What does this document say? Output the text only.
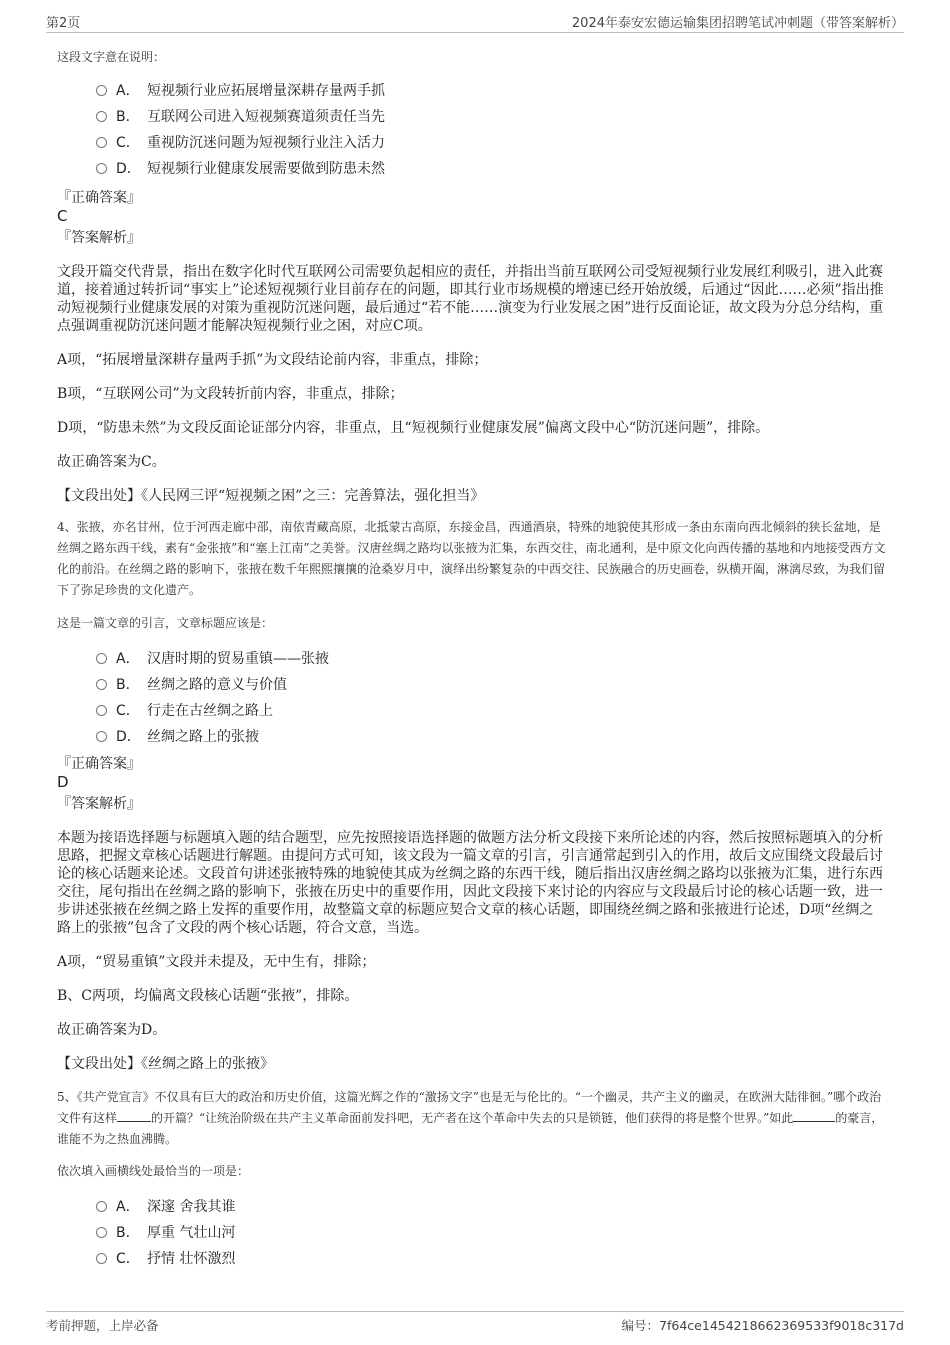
第2页	2024年泰安宏德运输集团招聘笔试冲刺题（带答案解析）
这段文字意在说明：
A． 短视频行业应拓展增量深耕存量两手抓
B． 互联网公司进入短视频赛道须责任当先
C． 重视防沉迷问题为短视频行业注入活力
D． 短视频行业健康发展需要做到防患未然
『正确答案』
C
『答案解析』
文段开篇交代背景，指出在数字化时代互联网公司需要负起相应的责任，并指出当前互联网公司受短视频行业发展红利吸引，进入此赛道，接着通过转折词“事实上”论述短视频行业目前存在的问题，即其行业市场规模的增速已经开始放缓，后通过“因此……必须”指出推动短视频行业健康发展的对策为重视防沉迷问题，最后通过“若不能……演变为行业发展之困”进行反面论证，故文段为分总分结构，重点强调重视防沉迷问题才能解决短视频行业之困，对应C项。
A项，“拓展增量深耕存量两手抓”为文段结论前内容，非重点，排除；
B项，“互联网公司”为文段转折前内容，非重点，排除；
D项，“防患未然”为文段反面论证部分内容，非重点，且“短视频行业健康发展”偏离文段中心“防沉迷问题”，排除。
故正确答案为C。
【文段出处】《人民网三评“短视频之困”之三：完善算法，强化担当》
4、张掖，亦名甘州，位于河西走廊中部，南依青藏高原，北抵蒙古高原，东接金昌，西通酒泉，特殊的地貌使其形成一条由东南向西北倾斜的狭长盆地，是丝绸之路东西干线，素有“金张掖”和“塞上江南”之美誉。汉唐丝绸之路均以张掖为汇集，东西交往，南北通利，是中原文化向西传播的基地和内地接受西方文化的前沿。在丝绸之路的影响下，张掖在数千年熙熙攘攘的沧桑岁月中，演绎出纷繁复杂的中西交往、民族融合的历史画卷，纵横开阖，淋漓尽致，为我们留下了弥足珍贵的文化遗产。
这是一篇文章的引言，文章标题应该是：
A． 汉唐时期的贸易重镇——张掖
B． 丝绸之路的意义与价值
C． 行走在古丝绸之路上
D． 丝绸之路上的张掖
『正确答案』
D
『答案解析』
本题为接语选择题与标题填入题的结合题型，应先按照接语选择题的做题方法分析文段接下来所论述的内容，然后按照标题填入的分析思路，把握文章核心话题进行解题。由提问方式可知，该文段为一篇文章的引言，引言通常起到引入的作用，故后文应围绕文段最后讨论的核心话题来论述。文段首句讲述张掖特殊的地貌使其成为丝绸之路的东西干线，随后指出汉唐丝绸之路均以张掖为汇集，进行东西交往，尾句指出在丝绸之路的影响下，张掖在历史中的重要作用，因此文段接下来讨论的内容应与文段最后讨论的核心话题一致，进一步讲述张掖在丝绸之路上发挥的重要作用，故整篇文章的标题应契合文章的核心话题，即围绕丝绸之路和张掖进行论述，D项“丝绸之路上的张掖”包含了文段的两个核心话题，符合文意，当选。
A项，“贸易重镇”文段并未提及，无中生有，排除；
B、C两项，均偏离文段核心话题“张掖”，排除。
故正确答案为D。
【文段出处】《丝绸之路上的张掖》
5、《共产党宣言》不仅具有巨大的政治和历史价值，这篇光辉之作的“激扬文字”也是无与伦比的。“一个幽灵，共产主义的幽灵，在欧洲大陆徘徊。”哪个政治文件有这样	的开篇？“让统治阶级在共产主义革命面前发抖吧，无产者在这个革命中失去的只是锁链，他们获得的将是整个世界。”如此	的豪言，谁能不为之热血沸腾。
依次填入画横线处最恰当的一项是：
A． 深邃 舍我其谁
B． 厚重 气壮山河
C． 抒情 壮怀激烈
考前押题，上岸必备	编号：7f64ce1454218662369533f9018c317d
